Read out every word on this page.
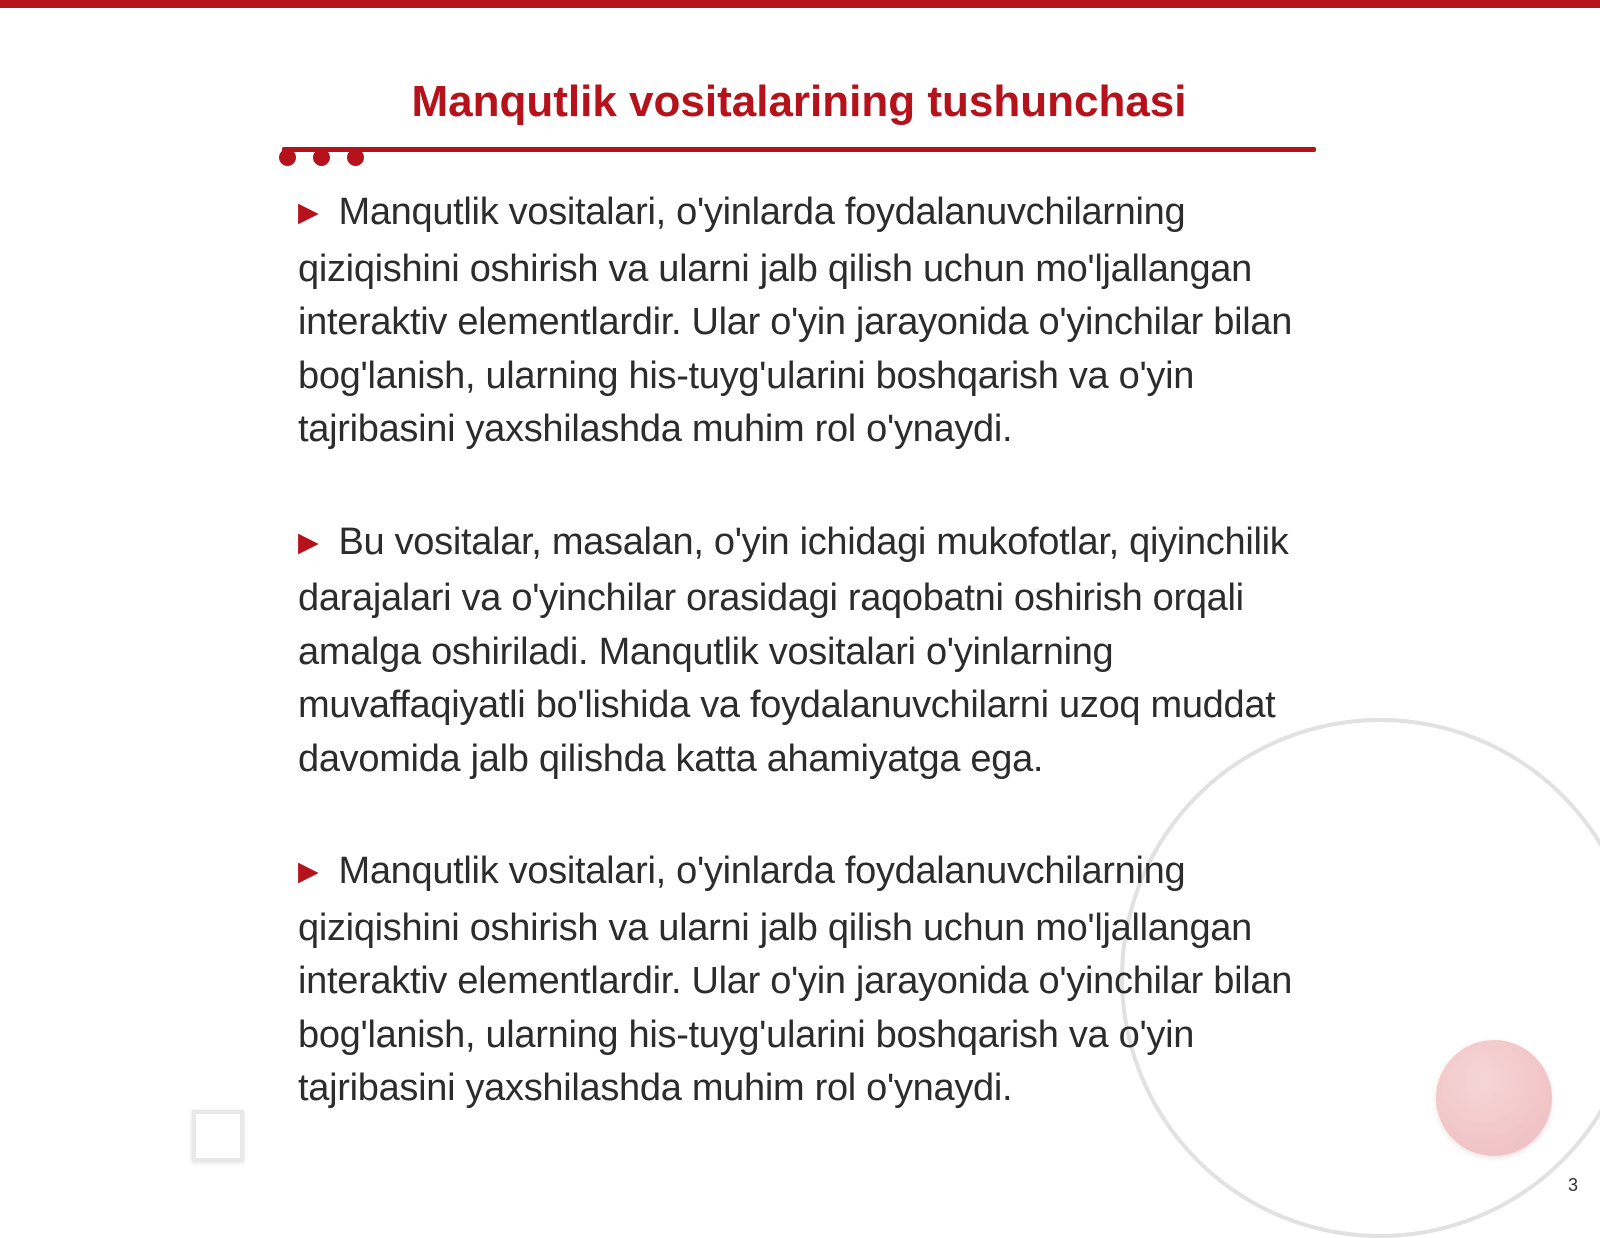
Manqutlik vositalarining tushunchasi
▶ Manqutlik vositalari, o'yinlarda foydalanuvchilarning qiziqishini oshirish va ularni jalb qilish uchun mo'ljallangan interaktiv elementlardir. Ular o'yin jarayonida o'yinchilar bilan bog'lanish, ularning his-tuyg'ularini boshqarish va o'yin tajribasini yaxshilashda muhim rol o'ynaydi.
▶ Bu vositalar, masalan, o'yin ichidagi mukofotlar, qiyinchilik darajalari va o'yinchilar orasidagi raqobatni oshirish orqali amalga oshiriladi. Manqutlik vositalari o'yinlarning muvaffaqiyatli bo'lishida va foydalanuvchilarni uzoq muddat davomida jalb qilishda katta ahamiyatga ega.
▶ Manqutlik vositalari, o'yinlarda foydalanuvchilarning qiziqishini oshirish va ularni jalb qilish uchun mo'ljallangan interaktiv elementlardir. Ular o'yin jarayonida o'yinchilar bilan bog'lanish, ularning his-tuyg'ularini boshqarish va o'yin tajribasini yaxshilashda muhim rol o'ynaydi.
3
